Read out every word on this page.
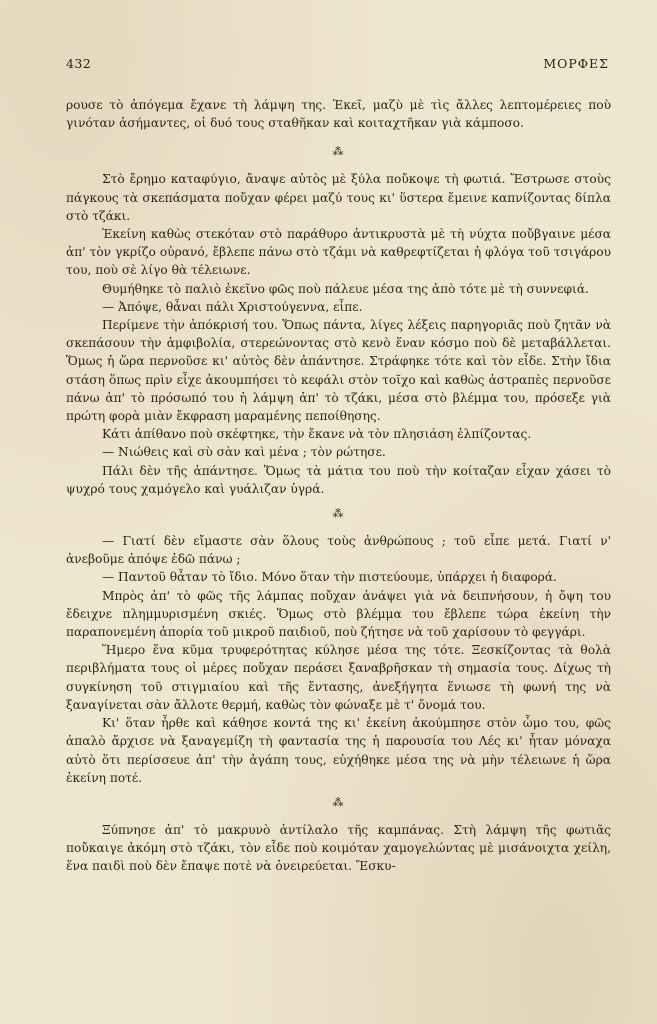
432	ΜΟΡΦΕΣ

ρουσε τὸ ἀπόγεμα ἔχανε τὴ λάμψη της. Ἐκεῖ, μαζὺ μὲ τὶς ἄλλες λεπτομέρειες ποὺ γινόταν ἀσήμαντες, οἱ δυό τους σταθῆκαν καὶ κοιταχτῆκαν γιὰ κάμποσο.

⁂

Στὸ ἔρημο καταφύγιο, ἄναψε αὐτὸς μὲ ξύλα ποὔκοψε τὴ φωτιά. Ἔστρωσε στοὺς πάγκους τὰ σκεπάσματα ποὔχαν φέρει μαζύ τους κι' ὕστερα ἔμεινε καπνίζοντας δίπλα στὸ τζάκι.

Ἐκείνη καθὼς στεκόταν στὸ παράθυρο ἀντικρυστὰ μὲ τὴ νύχτα ποὔβγαινε μέσα ἀπ' τὸν γκρίζο οὐρανό, ἔβλεπε πάνω στὸ τζάμι νὰ καθρεφτίζεται ἡ φλόγα τοῦ τσιγάρου του, ποὺ σὲ λίγο θὰ τέλειωνε.

Θυμήθηκε τὸ παλιὸ ἐκεῖνο φῶς ποὺ πάλευε μέσα της ἀπὸ τότε μὲ τὴ συννεφιά.

— Ἀπόψε, θἆναι πάλι Χριστούγεννα, εἶπε.

Περίμενε τὴν ἀπόκρισή του. Ὅπως πάντα, λίγες λέξεις παρηγοριᾶς ποὺ ζητᾶν νὰ σκεπάσουν τὴν ἀμφιβολία, στερεώνοντας στὸ κενὸ ἕναν κόσμο ποὺ δὲ μεταβάλλεται. Ὅμως ἡ ὥρα περνοῦσε κι' αὐτὸς δὲν ἀπάντησε. Στράφηκε τότε καὶ τὸν εἶδε. Στὴν ἴδια στάση ὅπως πρὶν εἶχε ἀκουμπήσει τὸ κεφάλι στὸν τοῖχο καὶ καθὼς ἀστραπὲς περνοῦσε πάνω ἀπ' τὸ πρόσωπό του ἡ λάμψη ἀπ' τὸ τζάκι, μέσα στὸ βλέμμα του, πρόσεξε γιὰ πρώτη φορὰ μιὰν ἔκφραση μαραμένης πεποίθησης.

Κάτι ἀπίθανο ποὺ σκέφτηκε, τὴν ἔκανε νὰ τὸν πλησιάση ἐλπίζοντας.

— Νιώθεις καὶ σὺ σὰν καὶ μένα ; τὸν ρώτησε.

Πάλι δὲν τῆς ἀπάντησε. Ὅμως τὰ μάτια του ποὺ τὴν κοίταζαν εἶχαν χάσει τὸ ψυχρό τους χαμόγελο καὶ γυάλιζαν ὑγρά.

⁂

— Γιατί δὲν εἴμαστε σὰν ὅλους τοὺς ἀνθρώπους ; τοῦ εἶπε μετά. Γιατί ν' ἀνεβοῦμε ἀπόψε ἐδῶ πάνω ;

— Παντοῦ θἆταν τὸ ἴδιο. Μόνο ὅταν τὴν πιστεύουμε, ὑπάρχει ἡ διαφορά.

Μπρὸς ἀπ' τὸ φῶς τῆς λάμπας ποὔχαν ἀνάψει γιὰ νὰ δειπνήσουν, ἡ ὄψη του ἔδειχνε πλημμυρισμένη σκιές. Ὅμως στὸ βλέμμα του ἔβλεπε τώρα ἐκείνη τὴν παραπονεμένη ἀπορία τοῦ μικροῦ παιδιοῦ, ποὺ ζήτησε νὰ τοῦ χαρίσουν τὸ φεγγάρι.

Ἥμερο ἕνα κῦμα τρυφερότητας κύλησε μέσα της τότε. Ξεσκίζοντας τὰ θολὰ περιβλήματα τους οἱ μέρες ποὔχαν περάσει ξαναβρῆσκαν τὴ σημασία τους. Δίχως τὴ συγκίνηση τοῦ στιγμιαίου καὶ τῆς ἔντασης, ἀνεξήγητα ἕνιωσε τὴ φωνή της νὰ ξαναγίνεται σὰν ἄλλοτε θερμή, καθὼς τὸν φώναξε μὲ τ' ὄνομά του.

Κι' ὅταν ἦρθε καὶ κάθησε κοντά της κι' ἐκείνη ἀκούμπησε στὸν ὦμο του, φῶς ἁπαλὸ ἄρχισε νὰ ξαναγεμίζη τὴ φαντασία της ἡ παρουσία του Λές κι' ἦταν μόναχα αὐτὸ ὅτι περίσσευε ἀπ' τὴν ἀγάπη τους, εὐχήθηκε μέσα της νὰ μὴν τέλειωνε ἡ ὥρα ἐκείνη ποτέ.

⁂

Ξύπνησε ἀπ' τὸ μακρυνὸ ἀντίλαλο τῆς καμπάνας. Στὴ λάμψη τῆς φωτιᾶς ποὔκαιγε ἀκόμη στὸ τζάκι, τὸν εἶδε ποὺ κοιμόταν χαμογελώντας μὲ μισάνοιχτα χείλη, ἕνα παιδὶ ποὺ δὲν ἔπαψε ποτὲ νὰ ὀνειρεύεται. Ἔσκυ-
